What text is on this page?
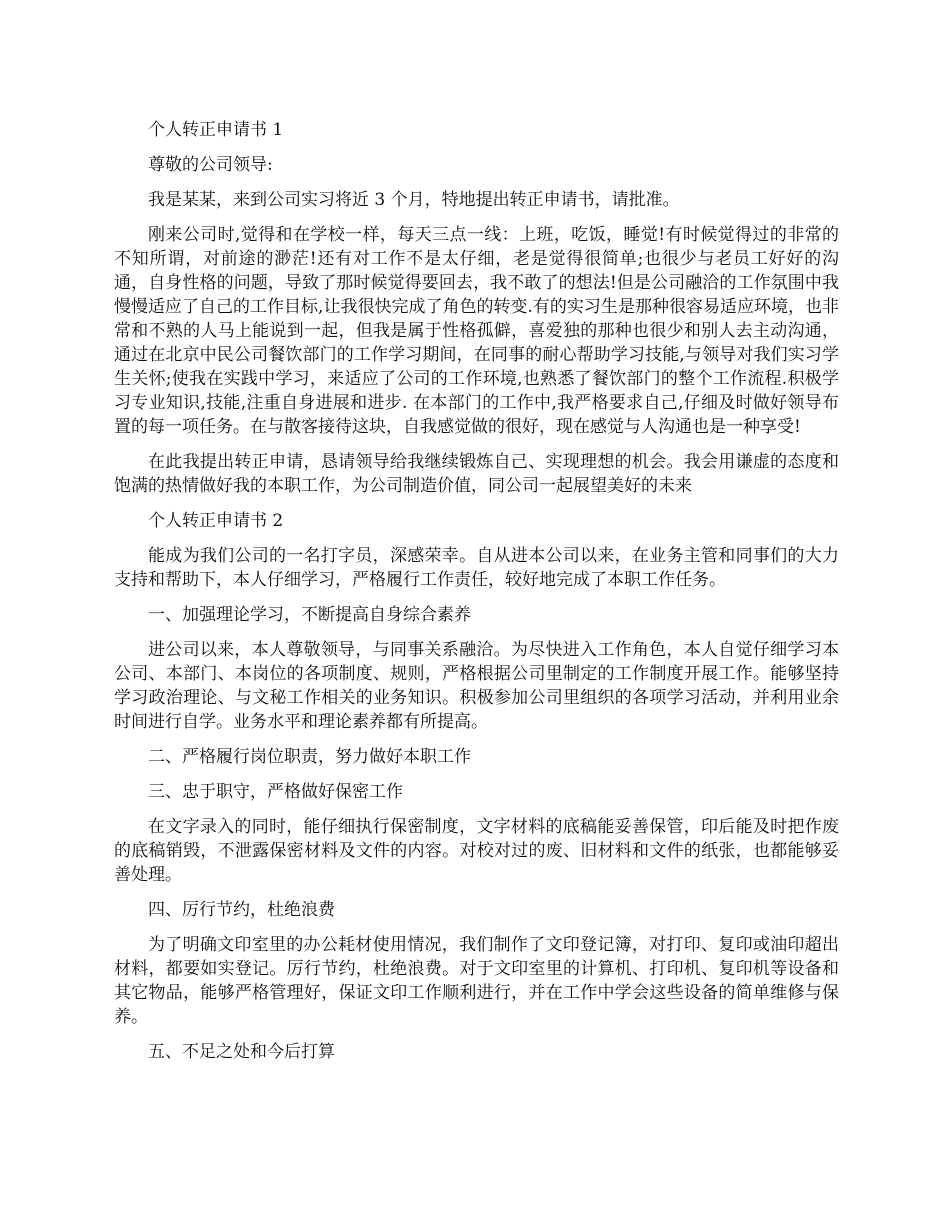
个人转正申请书 1

尊敬的公司领导:

我是某某，来到公司实习将近 3 个月，特地提出转正申请书，请批准。

刚来公司时,觉得和在学校一样，每天三点一线：上班，吃饭，睡觉!有时候觉得过的非常的不知所谓，对前途的渺茫!还有对工作不是太仔细，老是觉得很简单;也很少与老员工好好的沟通，自身性格的问题，导致了那时候觉得要回去，我不敢了的想法!但是公司融洽的工作氛围中我慢慢适应了自己的工作目标,让我很快完成了角色的转变.有的实习生是那种很容易适应环境，也非常和不熟的人马上能说到一起，但我是属于性格孤僻，喜爱独的那种也很少和别人去主动沟通， 通过在北京中民公司餐饮部门的工作学习期间，在同事的耐心帮助学习技能,与领导对我们实习学生关怀;使我在实践中学习，来适应了公司的工作环境,也熟悉了餐饮部门的整个工作流程.积极学习专业知识,技能,注重自身进展和进步. 在本部门的工作中,我严格要求自己,仔细及时做好领导布置的每一项任务。在与散客接待这块，自我感觉做的很好，现在感觉与人沟通也是一种享受!

在此我提出转正申请，恳请领导给我继续锻炼自己、实现理想的机会。我会用谦虚的态度和饱满的热情做好我的本职工作，为公司制造价值，同公司一起展望美好的未来

个人转正申请书 2

能成为我们公司的一名打字员，深感荣幸。自从进本公司以来，在业务主管和同事们的大力支持和帮助下，本人仔细学习，严格履行工作责任，较好地完成了本职工作任务。

一、加强理论学习，不断提高自身综合素养

进公司以来，本人尊敬领导，与同事关系融洽。为尽快进入工作角色，本人自觉仔细学习本公司、本部门、本岗位的各项制度、规则，严格根据公司里制定的工作制度开展工作。能够坚持学习政治理论、与文秘工作相关的业务知识。积极参加公司里组织的各项学习活动，并利用业余时间进行自学。业务水平和理论素养都有所提高。

二、严格履行岗位职责，努力做好本职工作

三、忠于职守，严格做好保密工作

在文字录入的同时，能仔细执行保密制度，文字材料的底稿能妥善保管，印后能及时把作废的底稿销毁，不泄露保密材料及文件的内容。对校对过的废、旧材料和文件的纸张，也都能够妥善处理。

四、厉行节约，杜绝浪费

为了明确文印室里的办公耗材使用情况，我们制作了文印登记簿，对打印、复印或油印超出材料，都要如实登记。厉行节约，杜绝浪费。对于文印室里的计算机、打印机、复印机等设备和其它物品，能够严格管理好，保证文印工作顺利进行，并在工作中学会这些设备的简单维修与保养。

五、不足之处和今后打算
